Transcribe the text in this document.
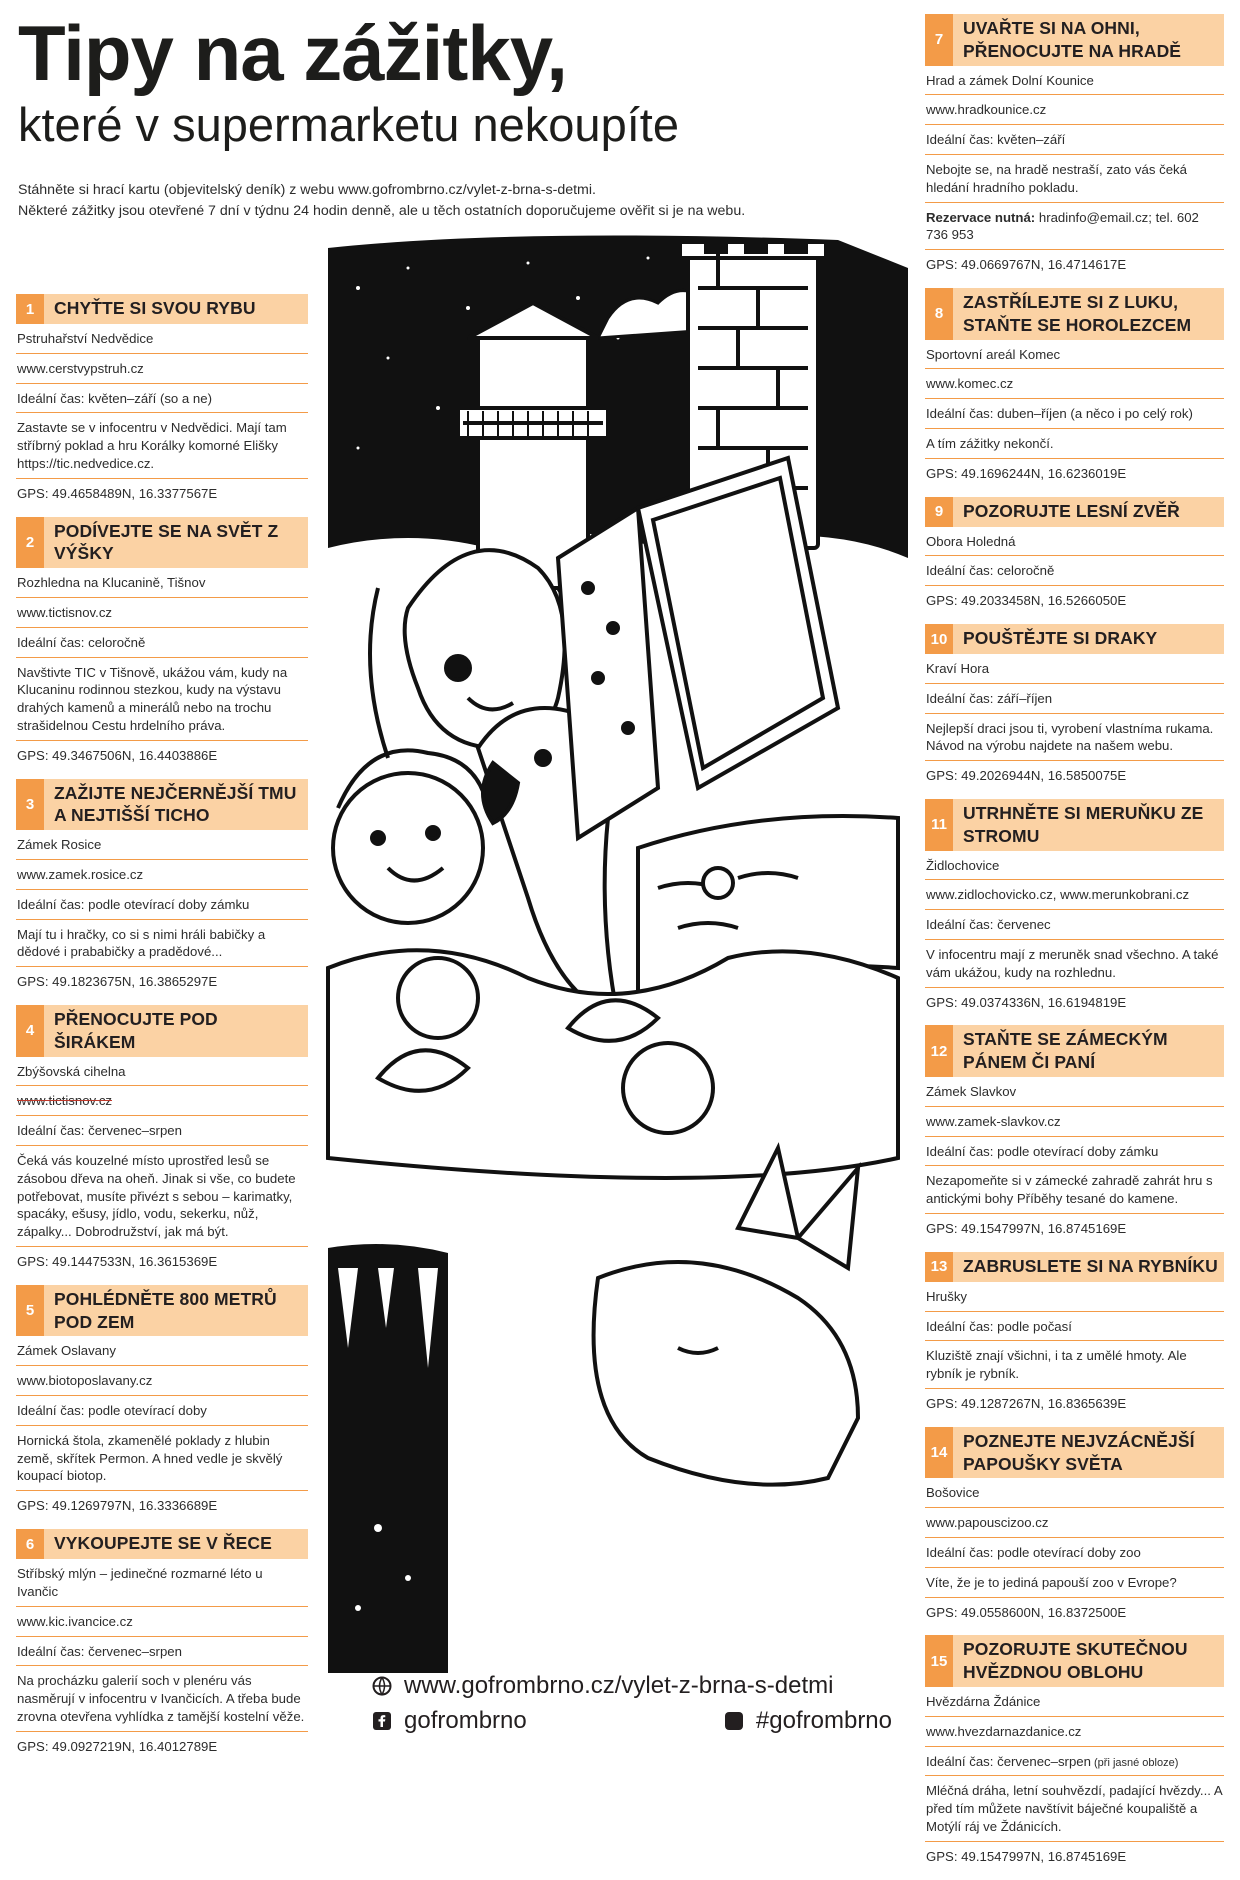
Tipy na zážitky,
které v supermarketu nekoupíte
Stáhněte si hrací kartu (objevitelský deník) z webu www.gofrombrno.cz/vylet-z-brna-s-detmi.
Některé zážitky jsou otevřené 7 dní v týdnu 24 hodin denně, ale u těch ostatních doporučujeme ověřit si je na webu.
1	CHYŤTE SI SVOU RYBU
Pstruhařství Nedvědice
www.cerstvypstruh.cz
Ideální čas: květen–září (so a ne)
Zastavte se v infocentru v Nedvědici. Mají tam stříbrný poklad a hru Korálky komorné Elišky https://tic.nedvedice.cz.
GPS: 49.4658489N, 16.3377567E
2
PODÍVEJTE SE NA SVĚT Z VÝŠKY
Rozhledna na Klucanině, Tišnov
www.tictisnov.cz
Ideální čas: celoročně
Navštivte TIC v Tišnově, ukážou vám, kudy na Klucaninu rodinnou stezkou, kudy na výstavu drahých kamenů a minerálů nebo na trochu strašidelnou Cestu hrdelního práva.
GPS: 49.3467506N, 16.4403886E
3
ZAŽIJTE NEJČERNĚJŠÍ TMU A NEJTIŠŠÍ TICHO
Zámek Rosice
www.zamek.rosice.cz
Ideální čas: podle otevírací doby zámku
Mají tu i hračky, co si s nimi hráli babičky a dědové i prababičky a pradědové...
GPS: 49.1823675N, 16.3865297E
4
PŘENOCUJTE POD ŠIRÁKEM
Zbýšovská cihelna
www.tictisnov.cz
Ideální čas: červenec–srpen
Čeká vás kouzelné místo uprostřed lesů se zásobou dřeva na oheň. Jinak si vše, co budete potřebovat, musíte přivézt s sebou – karimatky, spacáky, ešusy, jídlo, vodu, sekerku, nůž, zápalky... Dobrodružství, jak má být.
GPS: 49.1447533N, 16.3615369E
5
POHLÉDNĚTE 800 METRŮ POD ZEM
Zámek Oslavany
www.biotoposlavany.cz
Ideální čas: podle otevírací doby
Hornická štola, zkamenělé poklady z hlubin země, skřítek Permon. A hned vedle je skvělý koupací biotop.
GPS: 49.1269797N, 16.3336689E
6	VYKOUPEJTE SE V ŘECE
Stříbský mlýn – jedinečné rozmarné léto u Ivančic
www.kic.ivancice.cz
Ideální čas: červenec–srpen
Na procházku galerií soch v plenéru vás nasměrují v infocentru v Ivančicích. A třeba bude zrovna otevřena vyhlídka z tamější kostelní věže.
GPS: 49.0927219N, 16.4012789E
7
UVAŘTE SI NA OHNI, PŘENOCUJTE NA HRADĚ
Hrad a zámek Dolní Kounice
www.hradkounice.cz
Ideální čas: květen–září
Nebojte se, na hradě nestraší, zato vás čeká hledání hradního pokladu.
Rezervace nutná: hradinfo@email.cz; tel. 602 736 953
GPS: 49.0669767N, 16.4714617E
8
ZASTŘÍLEJTE SI Z LUKU, STAŇTE SE HOROLEZCEM
Sportovní areál Komec
www.komec.cz
Ideální čas: duben–říjen (a něco i po celý rok)
A tím zážitky nekončí.
GPS: 49.1696244N, 16.6236019E
9	POZORUJTE LESNÍ ZVĚŘ
Obora Holedná
Ideální čas: celoročně
GPS: 49.2033458N, 16.5266050E
10 POUŠTĚJTE SI DRAKY
Kraví Hora
Ideální čas: září–říjen
Nejlepší draci jsou ti, vyrobení vlastníma rukama. Návod na výrobu najdete na našem webu.
GPS: 49.2026944N, 16.5850075E
11
UTRHNĚTE SI MERUŇKU ZE STROMU
Židlochovice
www.zidlochovicko.cz, www.merunkobrani.cz
Ideální čas: červenec
V infocentru mají z meruněk snad všechno. A také vám ukážou, kudy na rozhlednu.
GPS: 49.0374336N, 16.6194819E
12
STAŇTE SE ZÁMECKÝM PÁNEM ČI PANÍ
Zámek Slavkov
www.zamek-slavkov.cz
Ideální čas: podle otevírací doby zámku
Nezapomeňte si v zámecké zahradě zahrát hru s antickými bohy Příběhy tesané do kamene.
GPS: 49.1547997N, 16.8745169E
13 ZABRUSLETE SI NA RYBNÍKU
Hrušky
Ideální čas: podle počasí
Kluziště znají všichni, i ta z umělé hmoty. Ale rybník je rybník.
GPS: 49.1287267N, 16.8365639E
14
POZNEJTE NEJVZÁCNĚJŠÍ PAPOUŠKY SVĚTA
Bošovice
www.papouscizoo.cz
Ideální čas: podle otevírací doby zoo
Víte, že je to jediná papouší zoo v Evrope?
GPS: 49.0558600N, 16.8372500E
15
POZORUJTE SKUTEČNOU HVĚZDNOU OBLOHU
Hvězdárna Ždánice
www.hvezdarnazdanice.cz
Ideální čas: červenec–srpen (při jasné obloze)
Mléčná dráha, letní souhvězdí, padající hvězdy... A před tím můžete navštívit báječné koupaliště a Motýlí ráj ve Ždánicích.
GPS: 49.1547997N, 16.8745169E
www.gofrombrno.cz/vylet-z-brna-s-detmi
gofrombrno	#gofrombrno
